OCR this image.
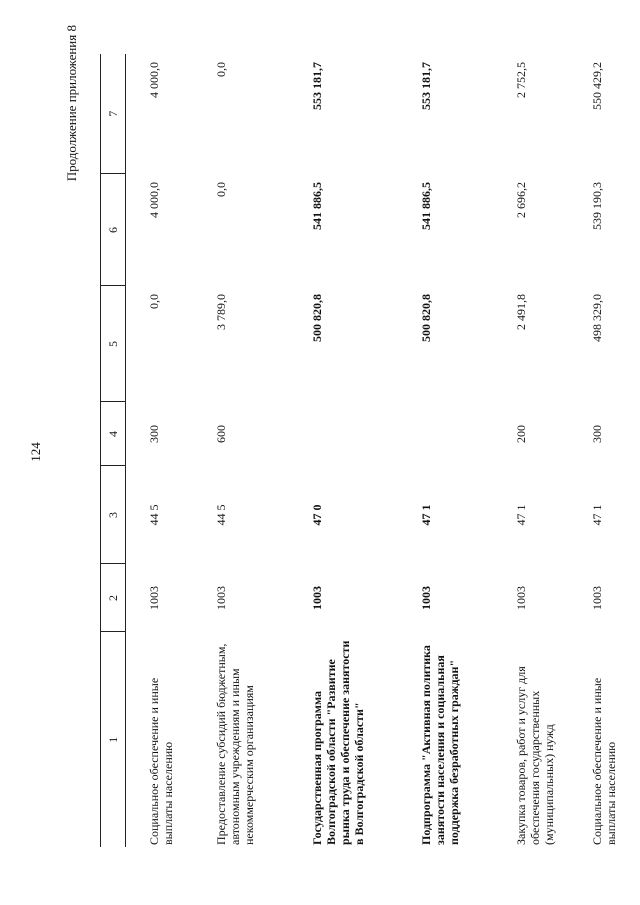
124
Продолжение приложения 8
1	2	3	4	5	6	7
Социальное обеспечение и иные выплаты населению	1003	44 5	300	0,0	4 000,0	4 000,0
Предоставление субсидий бюджетным, автономным учреждениям и иным некоммерческим организациям	1003	44 5	600	3 789,0	0,0	0,0
Государственная программа Волгоградской области "Развитие рынка труда и обеспечение занятости в Волгоградской области"	1003	47 0		500 820,8	541 886,5	553 181,7
Подпрограмма "Активная политика занятости населения и социальная поддержка безработных граждан"	1003	47 1		500 820,8	541 886,5	553 181,7
Закупка товаров, работ и услуг для обеспечения государственных (муниципальных) нужд	1003	47 1	200	2 491,8	2 696,2	2 752,5
Социальное обеспечение и иные выплаты населению	1003	47 1	300	498 329,0	539 190,3	550 429,2
